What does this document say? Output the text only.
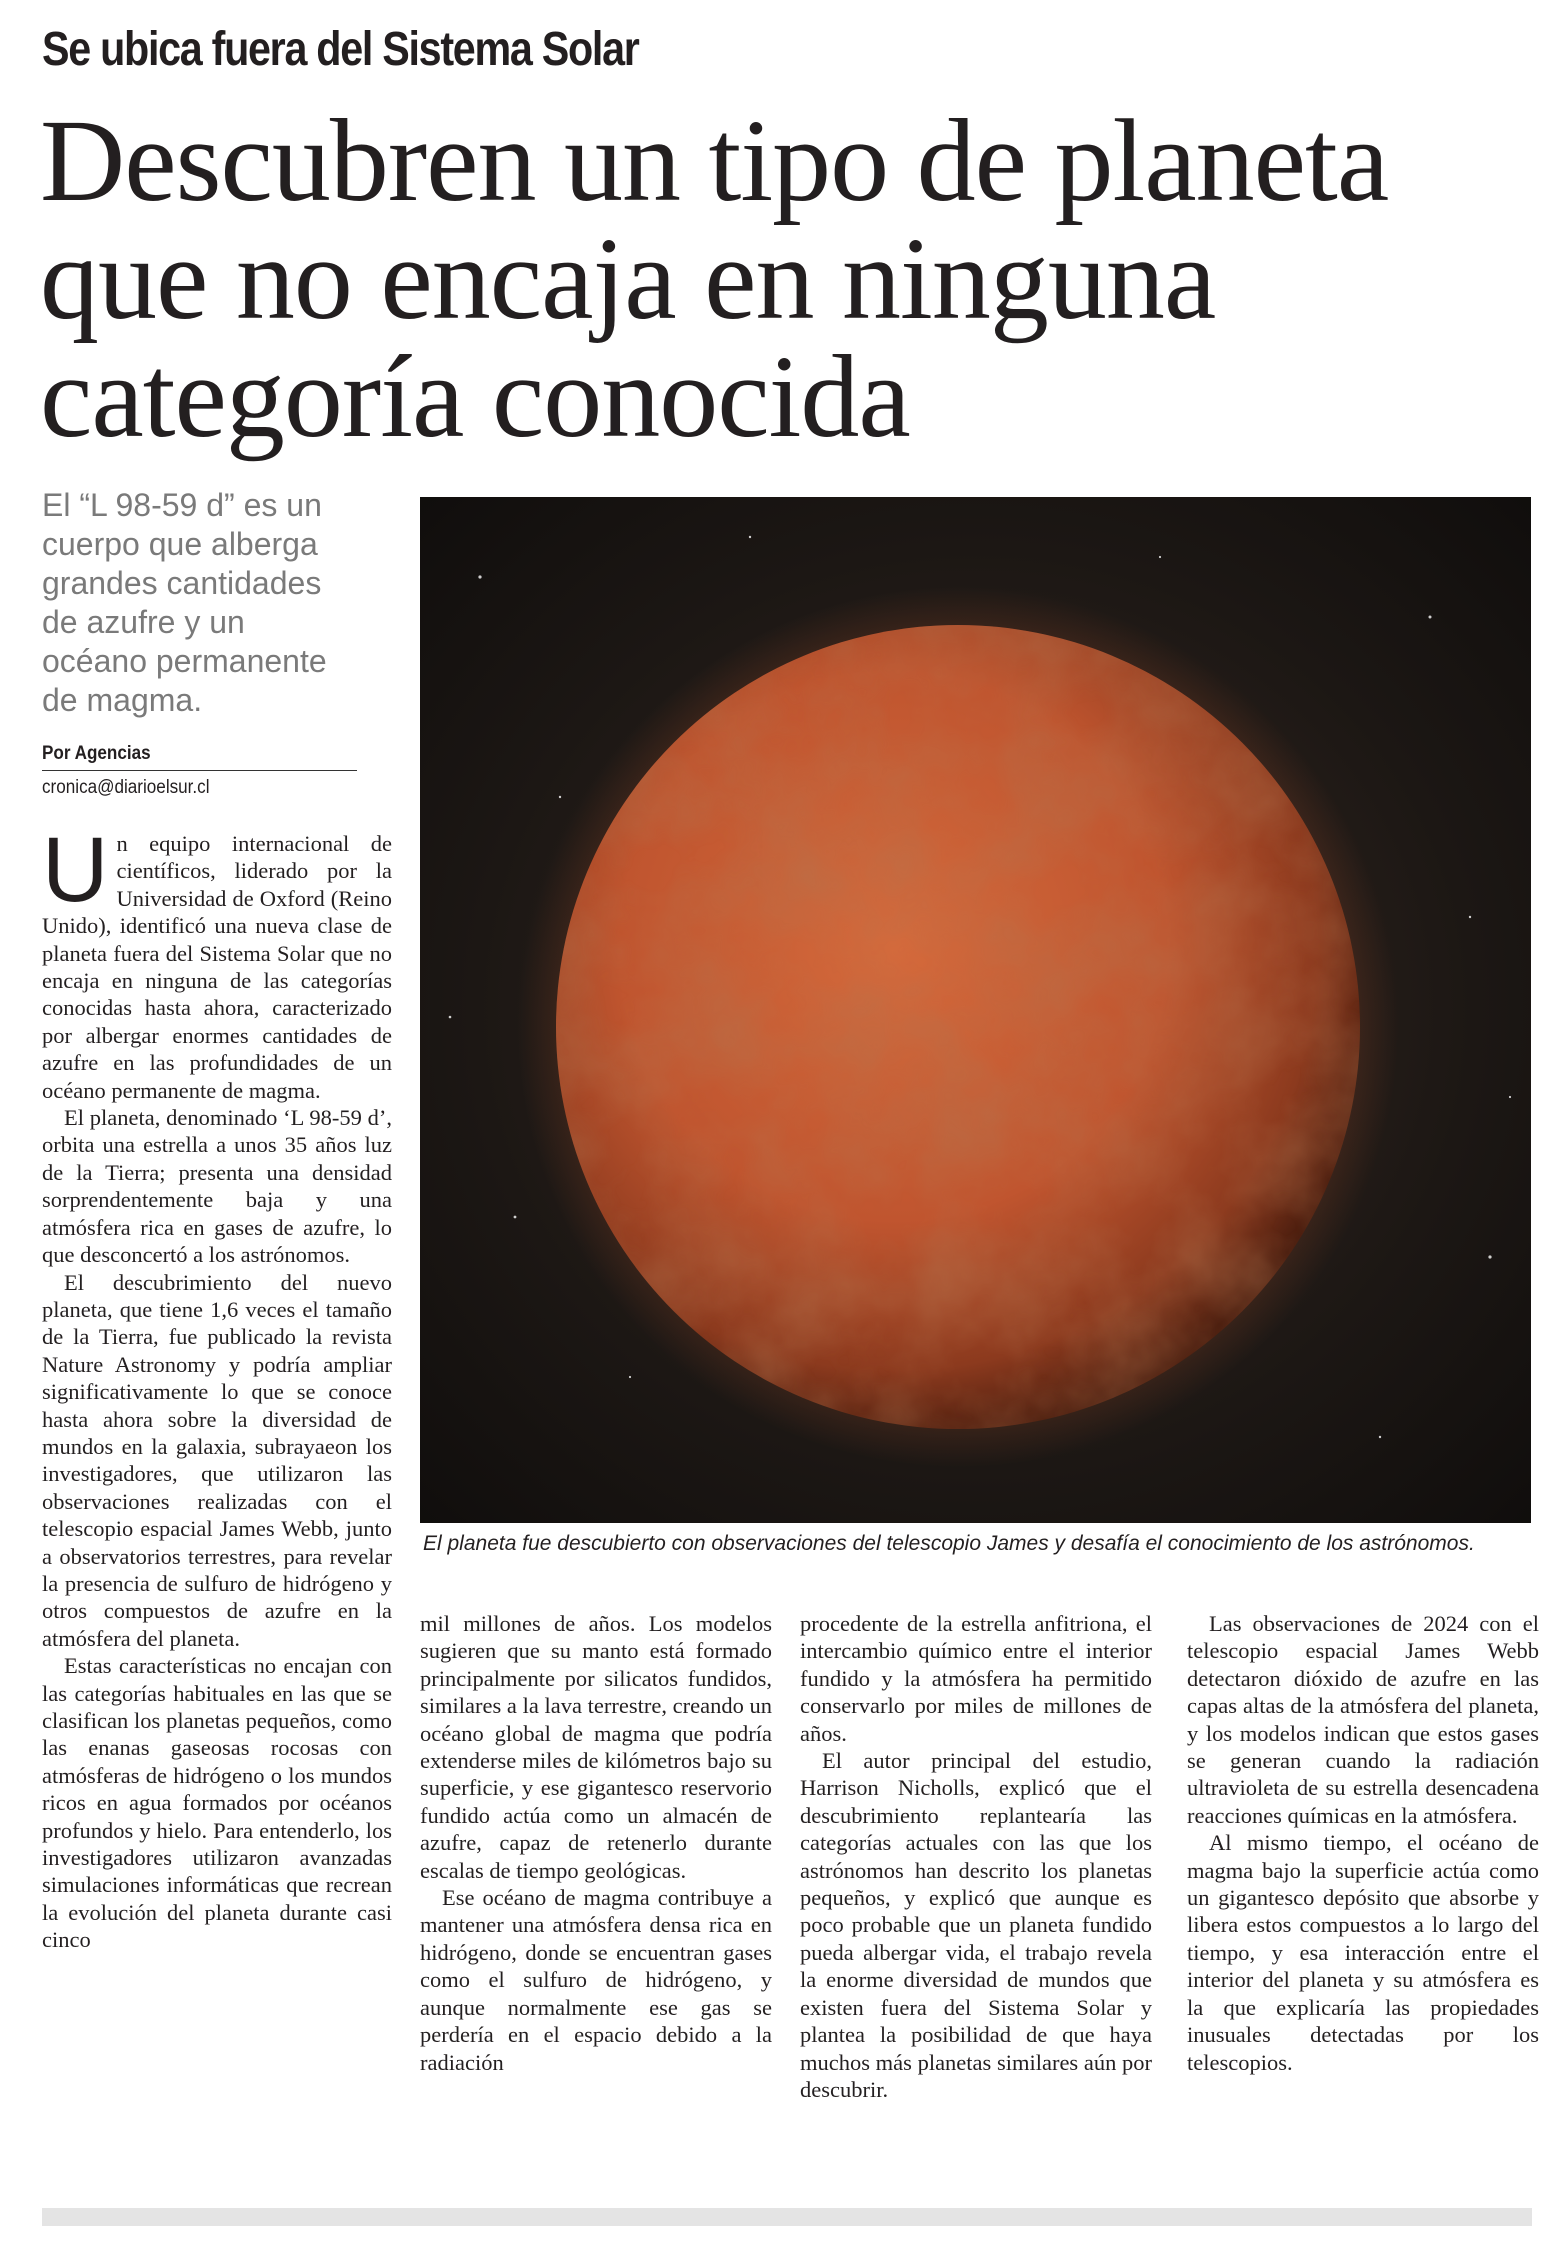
Se ubica fuera del Sistema Solar
Descubren un tipo de planeta
que no encaja en ninguna
categoría conocida
El “L 98-59 d” es un
cuerpo que alberga
grandes cantidades
de azufre y un
océano permanente
de magma.
Por Agencias
cronica@diarioelsur.cl
El planeta fue descubierto con observaciones del telescopio James y desafía el conocimiento de los astrónomos.

Un equipo internacional de científicos, liderado por la Universidad de Oxford (Reino Unido), identificó una nueva clase de planeta fuera del Sistema Solar que no encaja en ninguna de las categorías conocidas hasta ahora, caracterizado por albergar enormes cantidades de azufre en las profundidades de un océano permanente de magma.

El planeta, denominado ‘L 98-59 d’, orbita una estrella a unos 35 años luz de la Tierra; presenta una densidad sorprendentemente baja y una atmósfera rica en gases de azufre, lo que desconcertó a los astrónomos.

El descubrimiento del nuevo planeta, que tiene 1,6 veces el tamaño de la Tierra, fue publicado la revista Nature Astronomy y podría ampliar significativamente lo que se conoce hasta ahora sobre la diversidad de mundos en la galaxia, subrayaeon los investigadores, que utilizaron las observaciones realizadas con el telescopio espacial James Webb, junto a observatorios terrestres, para revelar la presencia de sulfuro de hidrógeno y otros compuestos de azufre en la atmósfera del planeta.

Estas características no encajan con las categorías habituales en las que se clasifican los planetas pequeños, como las enanas gaseosas rocosas con atmósferas de hidrógeno o los mundos ricos en agua formados por océanos profundos y hielo. Para entenderlo, los investigadores utilizaron avanzadas simulaciones informáticas que recrean la evolución del planeta durante casi cinco

mil millones de años. Los modelos sugieren que su manto está formado principalmente por silicatos fundidos, similares a la lava terrestre, creando un océano global de magma que podría extenderse miles de kilómetros bajo su superficie, y ese gigantesco reservorio fundido actúa como un almacén de azufre, capaz de retenerlo durante escalas de tiempo geológicas.

Ese océano de magma contribuye a mantener una atmósfera densa rica en hidrógeno, donde se encuentran gases como el sulfuro de hidrógeno, y aunque normalmente ese gas se perdería en el espacio debido a la radiación

procedente de la estrella anfitriona, el intercambio químico entre el interior fundido y la atmósfera ha permitido conservarlo por miles de millones de años.

El autor principal del estudio, Harrison Nicholls, explicó que el descubrimiento replantearía las categorías actuales con las que los astrónomos han descrito los planetas pequeños, y explicó que aunque es poco probable que un planeta fundido pueda albergar vida, el trabajo revela la enorme diversidad de mundos que existen fuera del Sistema Solar y plantea la posibilidad de que haya muchos más planetas similares aún por descubrir.

Las observaciones de 2024 con el telescopio espacial James Webb detectaron dióxido de azufre en las capas altas de la atmósfera del planeta, y los modelos indican que estos gases se generan cuando la radiación ultravioleta de su estrella desencadena reacciones químicas en la atmósfera.

Al mismo tiempo, el océano de magma bajo la superficie actúa como un gigantesco depósito que absorbe y libera estos compuestos a lo largo del tiempo, y esa interacción entre el interior del planeta y su atmósfera es la que explicaría las propiedades inusuales detectadas por los telescopios.
